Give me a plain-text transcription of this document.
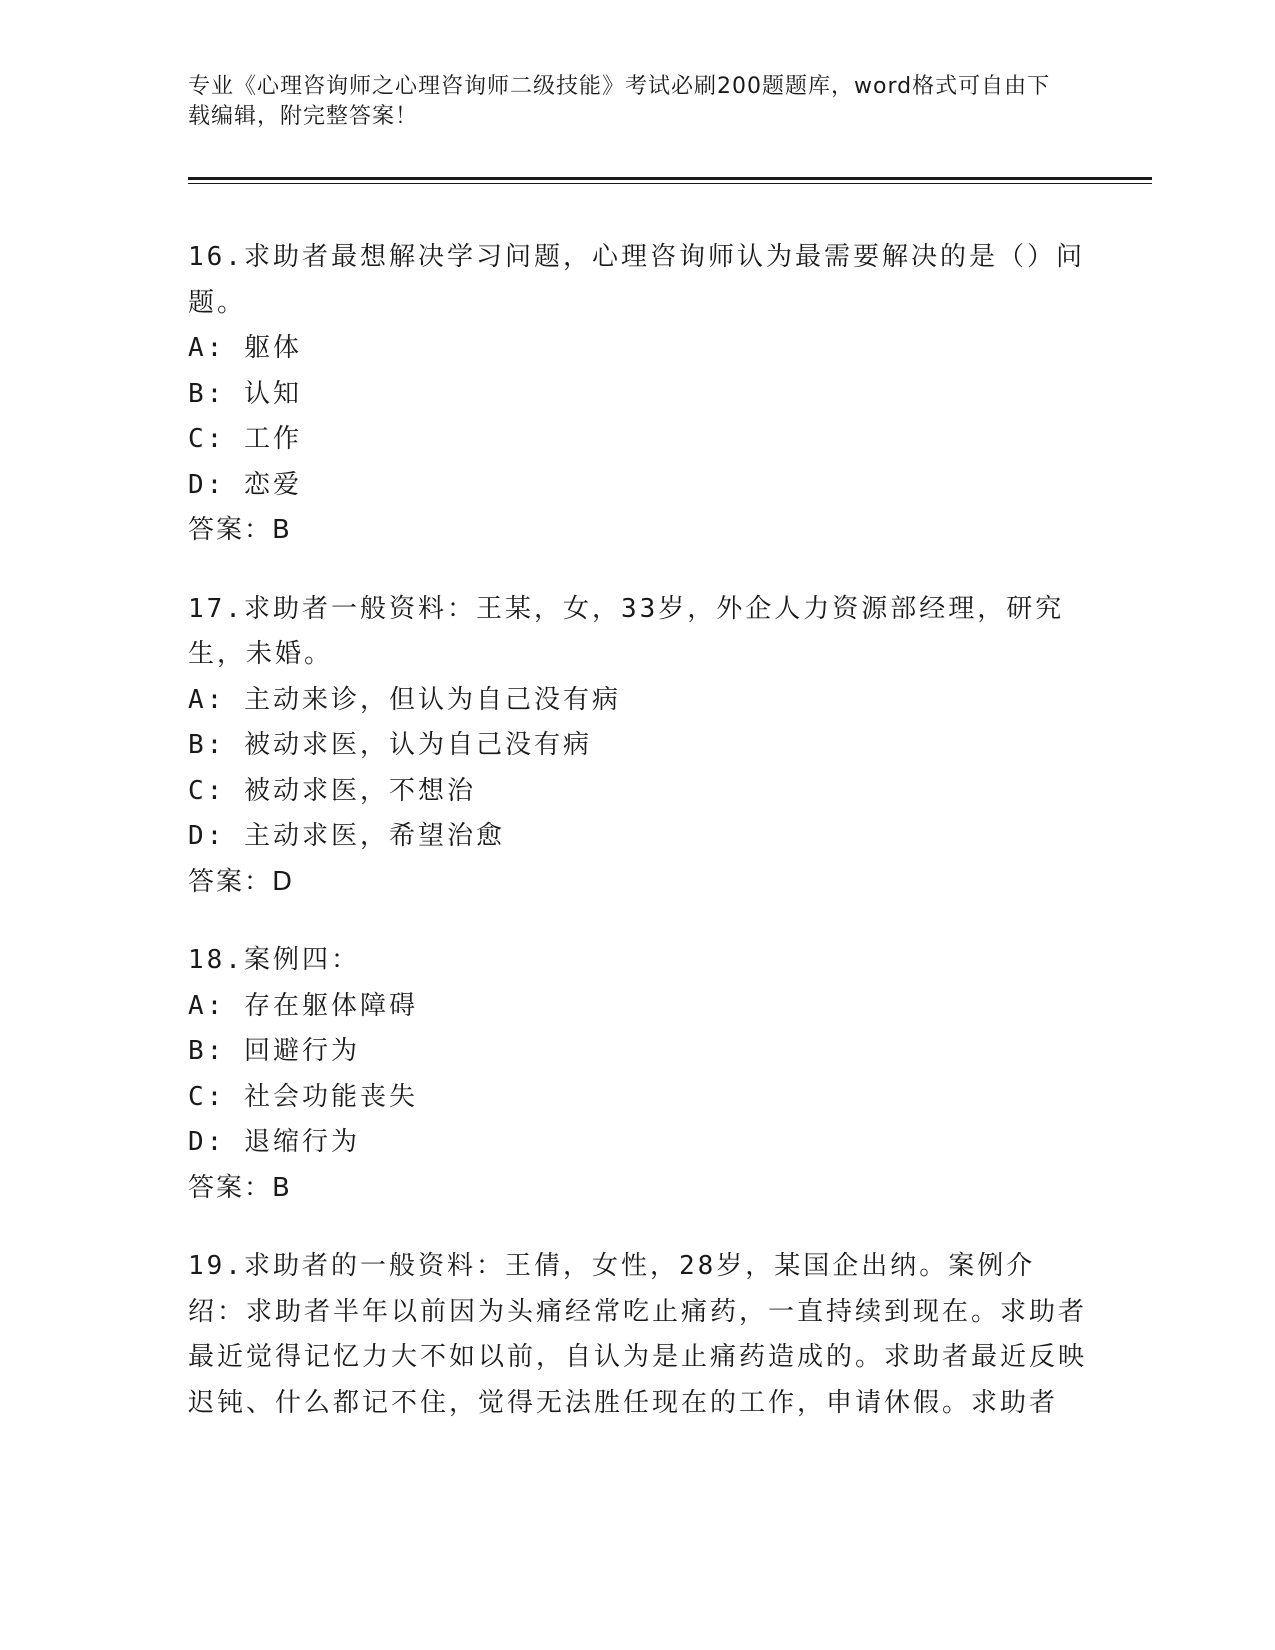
专业《心理咨询师之心理咨询师二级技能》考试必刷200题题库，word格式可自由下载编辑，附完整答案！
16.求助者最想解决学习问题，心理咨询师认为最需要解决的是（）问题。
A: 躯体
B: 认知
C: 工作
D: 恋爱
答案：B
17.求助者一般资料：王某，女，33岁，外企人力资源部经理，研究生，未婚。
A: 主动来诊，但认为自己没有病
B: 被动求医，认为自己没有病
C: 被动求医，不想治
D: 主动求医，希望治愈
答案：D
18.案例四：
A: 存在躯体障碍
B: 回避行为
C: 社会功能丧失
D: 退缩行为
答案：B
19.求助者的一般资料：王倩，女性，28岁，某国企出纳。案例介绍：求助者半年以前因为头痛经常吃止痛药，一直持续到现在。求助者最近觉得记忆力大不如以前，自认为是止痛药造成的。求助者最近反映迟钝、什么都记不住，觉得无法胜任现在的工作，申请休假。求助者
